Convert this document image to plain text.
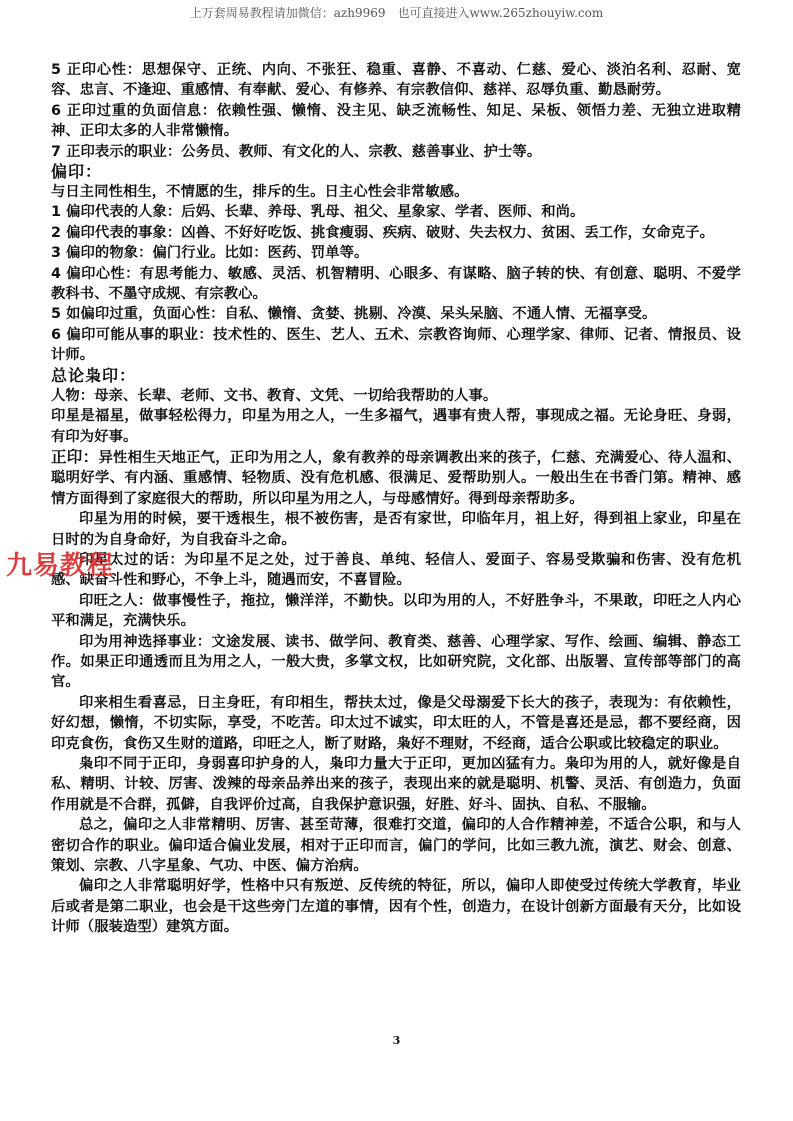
上万套周易教程请加微信：azh9969　也可直接进入www.265zhouyiw.com

5 正印心性：思想保守、正统、内向、不张狂、稳重、喜静、不喜动、仁慈、爱心、淡泊名利、忍耐、宽容、忠言、不逢迎、重感情、有奉献、爱心、有修养、有宗教信仰、慈祥、忍辱负重、勤恳耐劳。

6 正印过重的负面信息：依赖性强、懒惰、没主见、缺乏流畅性、知足、呆板、领悟力差、无独立进取精神、正印太多的人非常懒惰。

7 正印表示的职业：公务员、教师、有文化的人、宗教、慈善事业、护士等。

偏印：

与日主同性相生，不情愿的生，排斥的生。日主心性会非常敏感。

1 偏印代表的人象：后妈、长辈、养母、乳母、祖父、星象家、学者、医师、和尚。

2 偏印代表的事象：凶兽、不好好吃饭、挑食瘦弱、疾病、破财、失去权力、贫困、丢工作，女命克子。

3 偏印的物象：偏门行业。比如：医药、罚单等。

4 偏印心性：有思考能力、敏感、灵活、机智精明、心眼多、有谋略、脑子转的快、有创意、聪明、不爱学教科书、不墨守成规、有宗教心。

5 如偏印过重，负面心性：自私、懒惰、贪婪、挑剔、冷漠、呆头呆脑、不通人情、无福享受。

6 偏印可能从事的职业：技术性的、医生、艺人、五术、宗教咨询师、心理学家、律师、记者、情报员、设计师。

总论枭印：

人物：母亲、长辈、老师、文书、教育、文凭、一切给我帮助的人事。

印星是福星，做事轻松得力，印星为用之人，一生多福气，遇事有贵人帮，事现成之福。无论身旺、身弱，有印为好事。

正印：异性相生天地正气，正印为用之人，象有教养的母亲调教出来的孩子，仁慈、充满爱心、待人温和、聪明好学、有内涵、重感情、轻物质、没有危机感、很满足、爱帮助别人。一般出生在书香门第。精神、感情方面得到了家庭很大的帮助，所以印星为用之人，与母感情好。得到母亲帮助多。

印星为用的时候，要干透根生，根不被伤害，是否有家世，印临年月，祖上好，得到祖上家业，印星在日时的为自身命好，为自我奋斗之命。

印星太过的话：为印星不足之处，过于善良、单纯、轻信人、爱面子、容易受欺骗和伤害、没有危机感、缺奋斗性和野心，不争上斗，随遇而安，不喜冒险。

印旺之人：做事慢性子，拖拉，懒洋洋，不勤快。以印为用的人，不好胜争斗，不果敢，印旺之人内心平和满足，充满快乐。

印为用神选择事业：文途发展、读书、做学问、教育类、慈善、心理学家、写作、绘画、编辑、静态工作。如果正印通透而且为用之人，一般大贵，多掌文权，比如研究院，文化部、出版署、宣传部等部门的高官。

印来相生看喜忌，日主身旺，有印相生，帮扶太过，像是父母溺爱下长大的孩子，表现为：有依赖性，好幻想，懒惰，不切实际，享受，不吃苦。印太过不诚实，印太旺的人，不管是喜还是忌，都不要经商，因印克食伤，食伤又生财的道路，印旺之人，断了财路，枭好不理财，不经商，适合公职或比较稳定的职业。

枭印不同于正印，身弱喜印护身的人，枭印力量大于正印，更加凶猛有力。枭印为用的人，就好像是自私、精明、计较、厉害、泼辣的母亲品养出来的孩子，表现出来的就是聪明、机警、灵活、有创造力，负面作用就是不合群，孤僻，自我评价过高，自我保护意识强，好胜、好斗、固执、自私、不服输。

总之，偏印之人非常精明、厉害、甚至苛薄，很难打交道，偏印的人合作精神差，不适合公职，和与人密切合作的职业。偏印适合偏业发展，相对于正印而言，偏门的学问，比如三教九流，演艺、财会、创意、策划、宗教、八字星象、气功、中医、偏方治病。

偏印之人非常聪明好学，性格中只有叛逆、反传统的特征，所以，偏印人即使受过传统大学教育，毕业后或者是第二职业，也会是干这些旁门左道的事情，因有个性，创造力，在设计创新方面最有天分，比如设计师（服装造型）建筑方面。

九易教程
3
